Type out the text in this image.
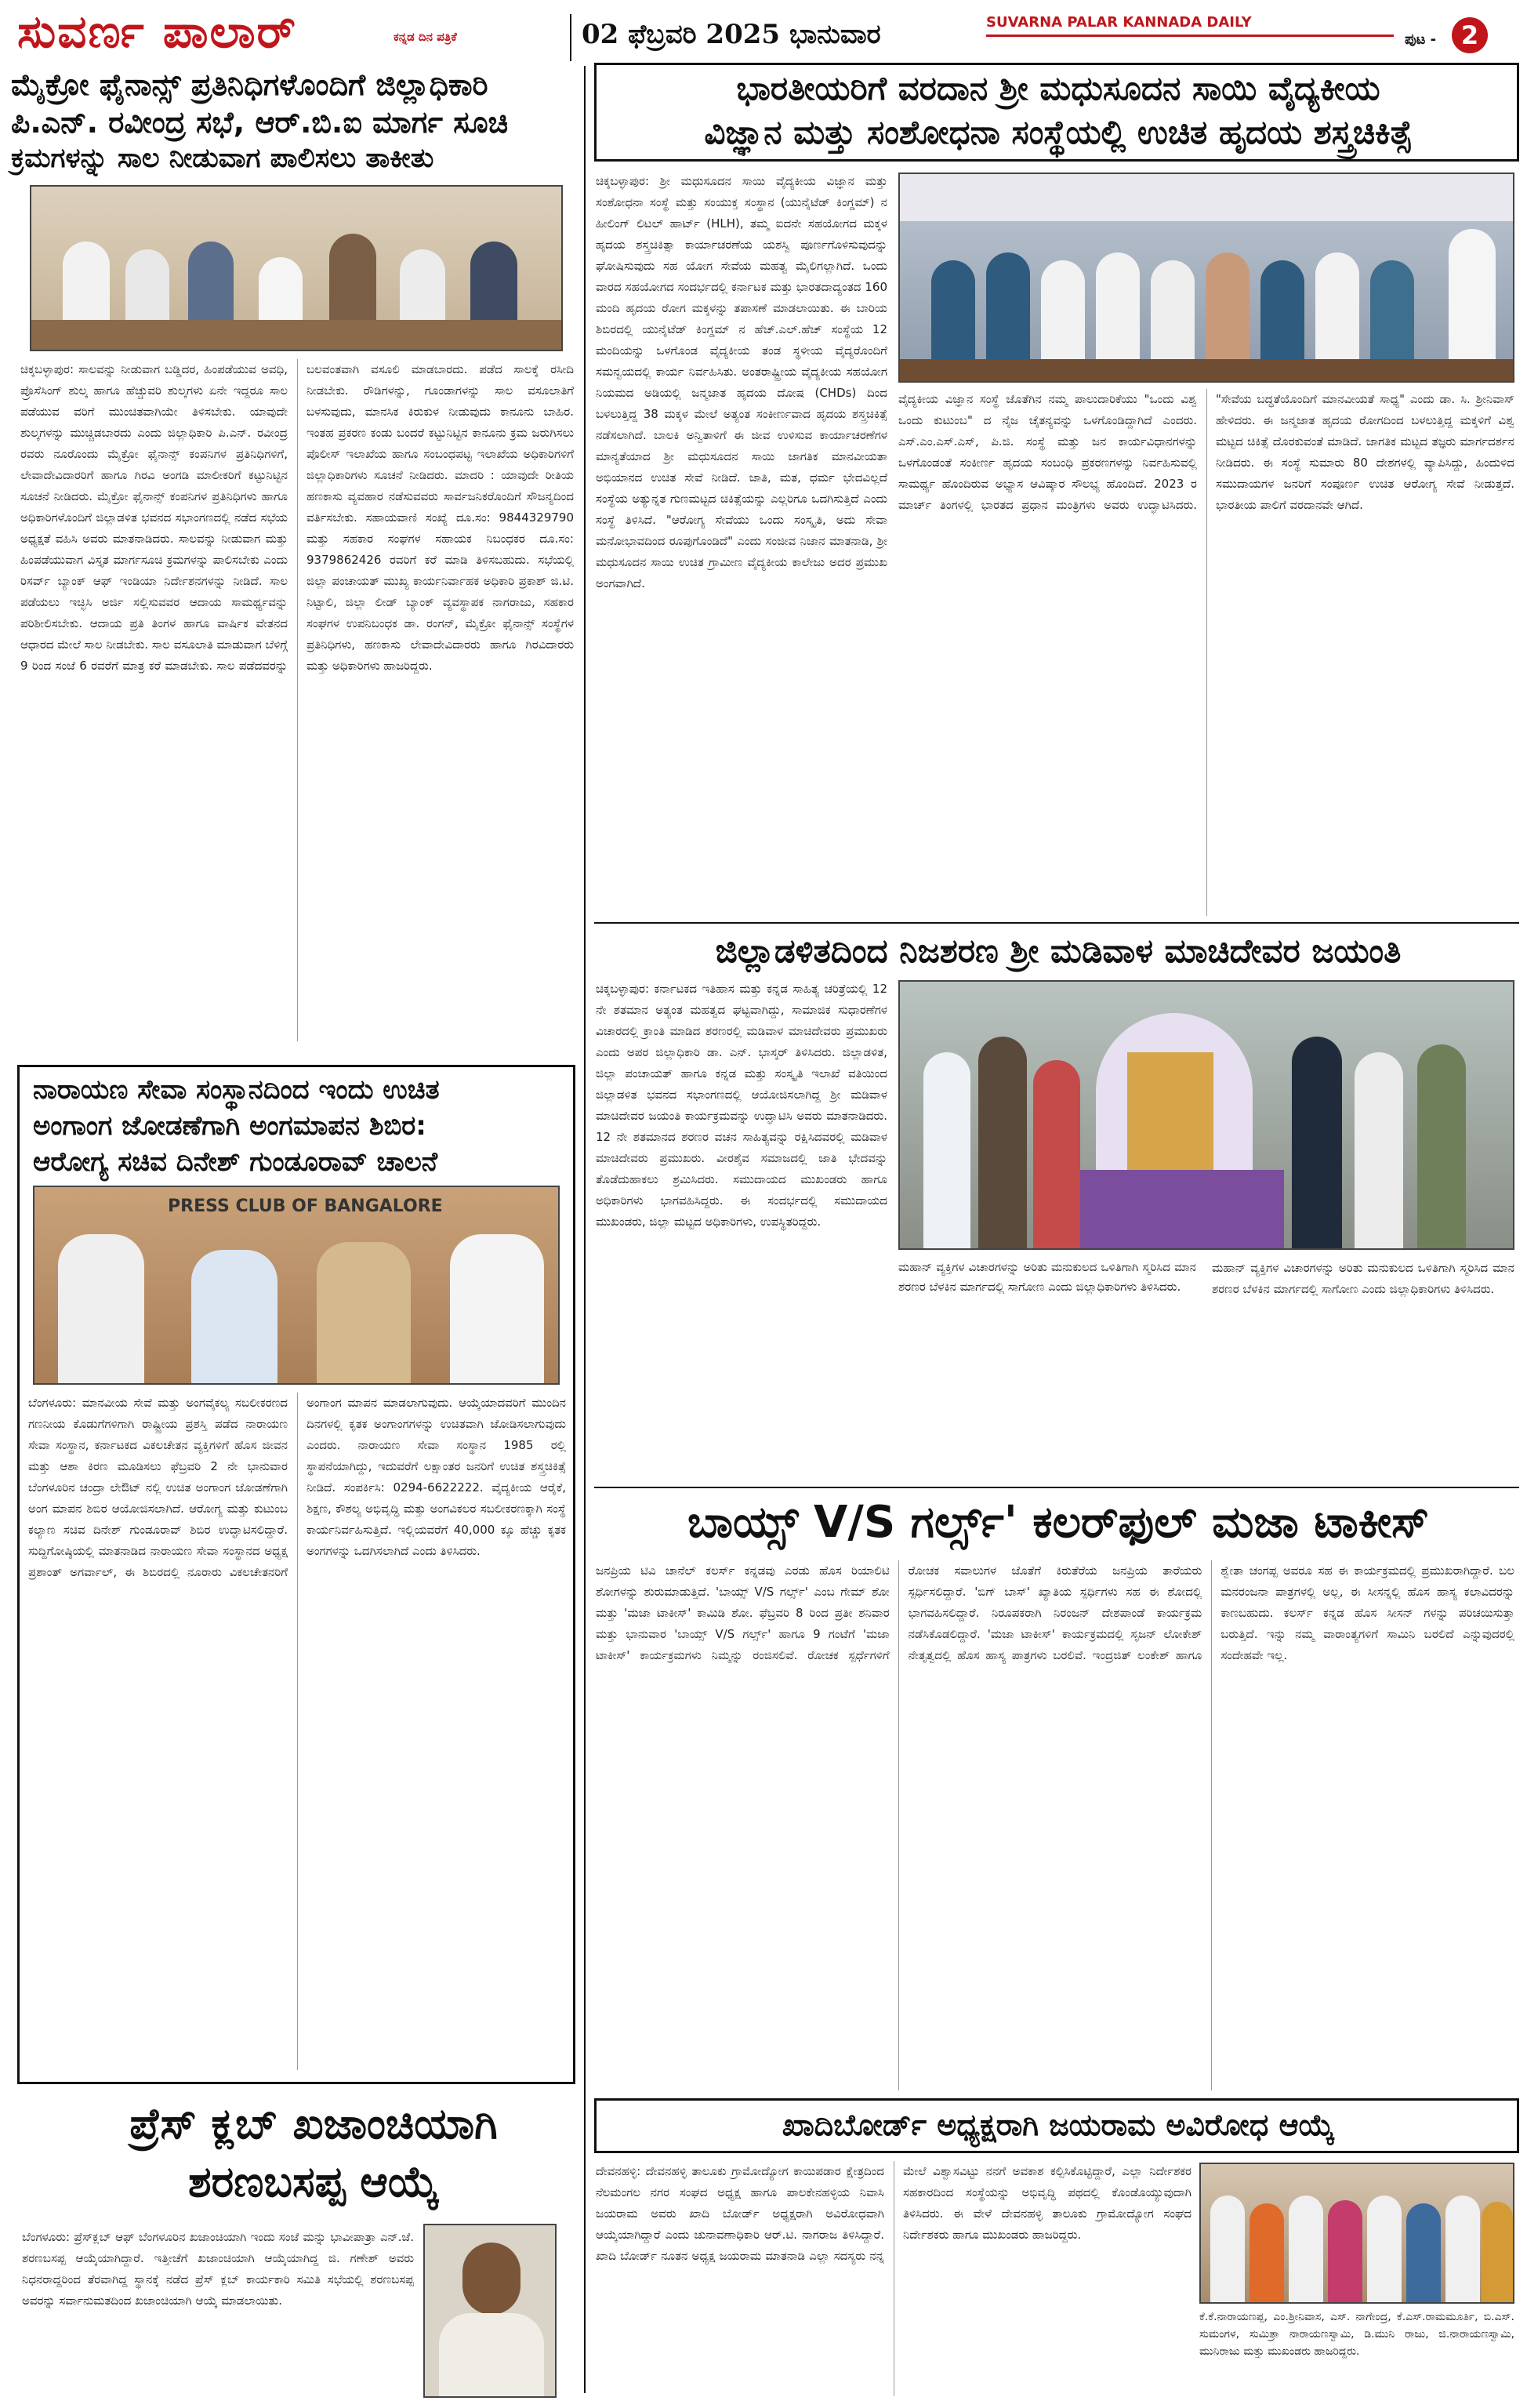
ಸುವರ್ಣ ಪಾಲಾರ್	ಕನ್ನಡ ದಿನ ಪತ್ರಿಕೆ	02 ಫೆಬ್ರವರಿ 2025 ಭಾನುವಾರ	SUVARNA PALAR KANNADA DAILY
ಪುಟ - 2
ಮೈಕ್ರೋ ಫೈನಾನ್ಸ್ ಪ್ರತಿನಿಧಿಗಳೊಂದಿಗೆ ಜಿಲ್ಲಾಧಿಕಾರಿ
ಪಿ.ಎನ್. ರವೀಂದ್ರ ಸಭೆ, ಆರ್.ಬಿ.ಐ ಮಾರ್ಗ ಸೂಚಿ
ಕ್ರಮಗಳನ್ನು ಸಾಲ ನೀಡುವಾಗ ಪಾಲಿಸಲು ತಾಕೀತು
ಚಿಕ್ಕಬಳ್ಳಾಪುರ: ಸಾಲವನ್ನು ನೀಡುವಾಗ ಬಡ್ಡಿದರ, ಹಿಂಪಡೆಯುವ ಅವಧಿ, ಪ್ರೊಸೆಸಿಂಗ್ ಶುಲ್ಕ ಹಾಗೂ ಹೆಚ್ಚುವರಿ ಶುಲ್ಕಗಳು ಏನೇ ಇದ್ದರೂ ಸಾಲ ಪಡೆಯುವ ವರಿಗೆ ಮುಂಚಿತವಾಗಿಯೇ ತಿಳಿಸಬೇಕು. ಯಾವುದೇ ಶುಲ್ಕಗಳನ್ನು ಮುಚ್ಚಿಡಬಾರದು ಎಂದು ಜಿಲ್ಲಾಧಿಕಾರಿ ಪಿ.ಎನ್. ರವೀಂದ್ರ ರವರು ನೂರೊಂದು ಮೈಕ್ರೋ ಫೈನಾನ್ಸ್ ಕಂಪನಿಗಳ ಪ್ರತಿನಿಧಿಗಳಿಗೆ, ಲೇವಾದೇವಿದಾರರಿಗೆ ಹಾಗೂ ಗಿರವಿ ಅಂಗಡಿ ಮಾಲೀಕರಿಗೆ ಕಟ್ಟುನಿಟ್ಟಿನ ಸೂಚನೆ ನೀಡಿದರು. ಮೈಕ್ರೋ ಫೈನಾನ್ಸ್ ಕಂಪನಿಗಳ ಪ್ರತಿನಿಧಿಗಳು ಹಾಗೂ ಅಧಿಕಾರಿಗಳೊಂದಿಗೆ ಜಿಲ್ಲಾಡಳಿತ ಭವನದ ಸಭಾಂಗಣದಲ್ಲಿ ನಡೆದ ಸಭೆಯ ಅಧ್ಯಕ್ಷತೆ ವಹಿಸಿ ಅವರು ಮಾತನಾಡಿದರು. ಸಾಲವನ್ನು ನೀಡುವಾಗ ಮತ್ತು ಹಿಂಪಡೆಯುವಾಗ ವಿಸ್ತೃತ ಮಾರ್ಗಸೂಚಿ ಕ್ರಮಗಳನ್ನು ಪಾಲಿಸಬೇಕು ಎಂದು ರಿಸರ್ವ್ ಬ್ಯಾಂಕ್ ಆಫ್ ಇಂಡಿಯಾ ನಿರ್ದೇಶನಗಳನ್ನು ನೀಡಿದೆ. ಸಾಲ ಪಡೆಯಲು ಇಚ್ಛಿಸಿ ಅರ್ಜಿ ಸಲ್ಲಿಸುವವರ ಆದಾಯ ಸಾಮರ್ಥ್ಯವನ್ನು ಪರಿಶೀಲಿಸಬೇಕು. ಆದಾಯ ಪ್ರತಿ ತಿಂಗಳ ಹಾಗೂ ವಾರ್ಷಿಕ ವೇತನದ ಆಧಾರದ ಮೇಲೆ ಸಾಲ ನೀಡಬೇಕು. ಸಾಲ ವಸೂಲಾತಿ ಮಾಡುವಾಗ ಬೆಳಿಗ್ಗೆ 9 ರಿಂದ ಸಂಜೆ 6 ರವರೆಗೆ ಮಾತ್ರ ಕರೆ ಮಾಡಬೇಕು. ಸಾಲ ಪಡೆದವರನ್ನು ಬಲವಂತವಾಗಿ ವಸೂಲಿ ಮಾಡಬಾರದು. ಪಡೆದ ಸಾಲಕ್ಕೆ ರಸೀದಿ ನೀಡಬೇಕು. ರೌಡಿಗಳನ್ನು, ಗೂಂಡಾಗಳನ್ನು ಸಾಲ ವಸೂಲಾತಿಗೆ ಬಳಸುವುದು, ಮಾನಸಿಕ ಕಿರುಕುಳ ನೀಡುವುದು ಕಾನೂನು ಬಾಹಿರ. ಇಂತಹ ಪ್ರಕರಣ ಕಂಡು ಬಂದರೆ ಕಟ್ಟುನಿಟ್ಟಿನ ಕಾನೂನು ಕ್ರಮ ಜರುಗಿಸಲು ಪೊಲೀಸ್ ಇಲಾಖೆಯ ಹಾಗೂ ಸಂಬಂಧಪಟ್ಟ ಇಲಾಖೆಯ ಅಧಿಕಾರಿಗಳಿಗೆ ಜಿಲ್ಲಾಧಿಕಾರಿಗಳು ಸೂಚನೆ ನೀಡಿದರು. ಮಾದರಿ : ಯಾವುದೇ ರೀತಿಯ ಹಣಕಾಸು ವ್ಯವಹಾರ ನಡೆಸುವವರು ಸಾರ್ವಜನಿಕರೊಂದಿಗೆ ಸೌಜನ್ಯದಿಂದ ವರ್ತಿಸಬೇಕು. ಸಹಾಯವಾಣಿ ಸಂಖ್ಯೆ ದೂ.ಸಂ: 9844329790 ಮತ್ತು ಸಹಕಾರ ಸಂಘಗಳ ಸಹಾಯಕ ನಿಬಂಧಕರ ದೂ.ಸಂ: 9379862426 ರವರಿಗೆ ಕರೆ ಮಾಡಿ ತಿಳಿಸಬಹುದು. ಸಭೆಯಲ್ಲಿ ಜಿಲ್ಲಾ ಪಂಚಾಯತ್ ಮುಖ್ಯ ಕಾರ್ಯನಿರ್ವಾಹಕ ಅಧಿಕಾರಿ ಪ್ರಕಾಶ್ ಜಿ.ಟಿ. ನಿಟ್ಟಾಲಿ, ಜಿಲ್ಲಾ ಲೀಡ್ ಬ್ಯಾಂಕ್ ವ್ಯವಸ್ಥಾಪಕ ನಾಗರಾಜು, ಸಹಕಾರ ಸಂಘಗಳ ಉಪನಿಬಂಧಕ ಡಾ. ರಂಗನ್, ಮೈಕ್ರೋ ಫೈನಾನ್ಸ್ ಸಂಸ್ಥೆಗಳ ಪ್ರತಿನಿಧಿಗಳು, ಹಣಕಾಸು ಲೇವಾದೇವಿದಾರರು ಹಾಗೂ ಗಿರವಿದಾರರು ಮತ್ತು ಅಧಿಕಾರಿಗಳು ಹಾಜರಿದ್ದರು.
ನಾರಾಯಣ ಸೇವಾ ಸಂಸ್ಥಾನದಿಂದ ಇಂದು ಉಚಿತ
ಅಂಗಾಂಗ ಜೋಡಣೆಗಾಗಿ ಅಂಗಮಾಪನ ಶಿಬಿರ:
ಆರೋಗ್ಯ ಸಚಿವ ದಿನೇಶ್ ಗುಂಡೂರಾವ್ ಚಾಲನೆ
PRESS CLUB OF BANGALORE
ಬೆಂಗಳೂರು: ಮಾನವೀಯ ಸೇವೆ ಮತ್ತು ಅಂಗವೈಕಲ್ಯ ಸಬಲೀಕರಣದ ಗಣನೀಯ ಕೊಡುಗೆಗಳಿಗಾಗಿ ರಾಷ್ಟ್ರೀಯ ಪ್ರಶಸ್ತಿ ಪಡೆದ ನಾರಾಯಣ ಸೇವಾ ಸಂಸ್ಥಾನ, ಕರ್ನಾಟಕದ ವಿಕಲಚೇತನ ವ್ಯಕ್ತಿಗಳಿಗೆ ಹೊಸ ಜೀವನ ಮತ್ತು ಆಶಾ ಕಿರಣ ಮೂಡಿಸಲು ಫೆಬ್ರವರಿ 2 ನೇ ಭಾನುವಾರ ಬೆಂಗಳೂರಿನ ಚಂದ್ರಾ ಲೇಔಟ್ ನಲ್ಲಿ ಉಚಿತ ಅಂಗಾಂಗ ಜೋಡಣೆಗಾಗಿ ಅಂಗ ಮಾಪನ ಶಿಬಿರ ಆಯೋಜಿಸಲಾಗಿದೆ. ಆರೋಗ್ಯ ಮತ್ತು ಕುಟುಂಬ ಕಲ್ಯಾಣ ಸಚಿವ ದಿನೇಶ್ ಗುಂಡೂರಾವ್ ಶಿಬಿರ ಉದ್ಘಾಟಿಸಲಿದ್ದಾರೆ. ಸುದ್ದಿಗೋಷ್ಠಿಯಲ್ಲಿ ಮಾತನಾಡಿದ ನಾರಾಯಣ ಸೇವಾ ಸಂಸ್ಥಾನದ ಅಧ್ಯಕ್ಷ ಪ್ರಶಾಂತ್ ಅಗರ್ವಾಲ್, ಈ ಶಿಬಿರದಲ್ಲಿ ನೂರಾರು ವಿಕಲಚೇತನರಿಗೆ ಅಂಗಾಂಗ ಮಾಪನ ಮಾಡಲಾಗುವುದು. ಆಯ್ಕೆಯಾದವರಿಗೆ ಮುಂದಿನ ದಿನಗಳಲ್ಲಿ ಕೃತಕ ಅಂಗಾಂಗಗಳನ್ನು ಉಚಿತವಾಗಿ ಜೋಡಿಸಲಾಗುವುದು ಎಂದರು. ನಾರಾಯಣ ಸೇವಾ ಸಂಸ್ಥಾನ 1985 ರಲ್ಲಿ ಸ್ಥಾಪನೆಯಾಗಿದ್ದು, ಇದುವರೆಗೆ ಲಕ್ಷಾಂತರ ಜನರಿಗೆ ಉಚಿತ ಶಸ್ತ್ರಚಿಕಿತ್ಸೆ ನೀಡಿದೆ. ಸಂಪರ್ಕಿಸಿ: 0294-6622222. ವೈದ್ಯಕೀಯ ಆರೈಕೆ, ಶಿಕ್ಷಣ, ಕೌಶಲ್ಯ ಅಭಿವೃದ್ಧಿ ಮತ್ತು ಅಂಗವಿಕಲರ ಸಬಲೀಕರಣಕ್ಕಾಗಿ ಸಂಸ್ಥೆ ಕಾರ್ಯನಿರ್ವಹಿಸುತ್ತಿದೆ. ಇಲ್ಲಿಯವರೆಗೆ 40,000 ಕ್ಕೂ ಹೆಚ್ಚು ಕೃತಕ ಅಂಗಗಳನ್ನು ಒದಗಿಸಲಾಗಿದೆ ಎಂದು ತಿಳಿಸಿದರು.
ಪ್ರೆಸ್ ಕ್ಲಬ್ ಖಜಾಂಚಿಯಾಗಿ
ಶರಣಬಸಪ್ಪ ಆಯ್ಕೆ
ಬೆಂಗಳೂರು: ಪ್ರೆಸ್‌ಕ್ಲಬ್ ಆಫ್ ಬೆಂಗಳೂರಿನ ಖಜಾಂಚಿಯಾಗಿ ಇಂದು ಸಂಜೆ ಮನ್ನು ಭಾವೀಪಾತ್ರಾ ಎನ್.ಜೆ. ಶರಣಬಸಪ್ಪ ಆಯ್ಕೆಯಾಗಿದ್ದಾರೆ. ಇತ್ತೀಚೆಗೆ ಖಜಾಂಚಿಯಾಗಿ ಆಯ್ಕೆಯಾಗಿದ್ದ ಜಿ. ಗಣೇಶ್ ಅವರು ನಿಧನರಾದ್ದರಿಂದ ತೆರವಾಗಿದ್ದ ಸ್ಥಾನಕ್ಕೆ ನಡೆದ ಪ್ರೆಸ್ ಕ್ಲಬ್ ಕಾರ್ಯಕಾರಿ ಸಮಿತಿ ಸಭೆಯಲ್ಲಿ ಶರಣಬಸಪ್ಪ ಅವರನ್ನು ಸರ್ವಾನುಮತದಿಂದ ಖಜಾಂಚಿಯಾಗಿ ಆಯ್ಕೆ ಮಾಡಲಾಯಿತು.
ಭಾರತೀಯರಿಗೆ ವರದಾನ ಶ್ರೀ ಮಧುಸೂದನ ಸಾಯಿ ವೈದ್ಯಕೀಯ
ವಿಜ್ಞಾನ ಮತ್ತು ಸಂಶೋಧನಾ ಸಂಸ್ಥೆಯಲ್ಲಿ ಉಚಿತ ಹೃದಯ ಶಸ್ತ್ರಚಿಕಿತ್ಸೆ
ಚಿಕ್ಕಬಳ್ಳಾಪುರ: ಶ್ರೀ ಮಧುಸೂದನ ಸಾಯಿ ವೈದ್ಯಕೀಯ ವಿಜ್ಞಾನ ಮತ್ತು ಸಂಶೋಧನಾ ಸಂಸ್ಥೆ ಮತ್ತು ಸಂಯುಕ್ತ ಸಂಸ್ಥಾನ (ಯುನೈಟೆಡ್ ಕಿಂಗ್ಡಮ್) ನ ಹೀಲಿಂಗ್ ಲಿಟಲ್ ಹಾರ್ಟ್ (HLH), ತಮ್ಮ ಐದನೇ ಸಹಯೋಗದ ಮಕ್ಕಳ ಹೃದಯ ಶಸ್ತ್ರಚಿಕಿತ್ಸಾ ಕಾರ್ಯಾಚರಣೆಯ ಯಶಸ್ವಿ ಪೂರ್ಣಗೊಳಿಸುವುದನ್ನು ಘೋಷಿಸುವುದು ಸಹ ಯೋಗ ಸೇವೆಯ ಮಹತ್ವ ಮೈಲಿಗಲ್ಲಾಗಿದೆ. ಒಂದು ವಾರದ ಸಹಯೋಗದ ಸಂದರ್ಭದಲ್ಲಿ ಕರ್ನಾಟಕ ಮತ್ತು ಭಾರತದಾದ್ಯಂತದ 160 ಮಂದಿ ಹೃದಯ ರೋಗ ಮಕ್ಕಳನ್ನು ತಪಾಸಣೆ ಮಾಡಲಾಯಿತು. ಈ ಬಾರಿಯ ಶಿಬಿರದಲ್ಲಿ ಯುನೈಟೆಡ್ ಕಿಂಗ್ಡಮ್ ನ ಹೆಚ್.ಎಲ್.ಹೆಚ್ ಸಂಸ್ಥೆಯ 12 ಮಂದಿಯನ್ನು ಒಳಗೊಂಡ ವೈದ್ಯಕೀಯ ತಂಡ ಸ್ಥಳೀಯ ವೈದ್ಯರೊಂದಿಗೆ ಸಮನ್ವಯದಲ್ಲಿ ಕಾರ್ಯ ನಿರ್ವಹಿಸಿತು. ಅಂತರಾಷ್ಟ್ರೀಯ ವೈದ್ಯಕೀಯ ಸಹಯೋಗ ನಿಯಮದ ಅಡಿಯಲ್ಲಿ ಜನ್ಮಜಾತ ಹೃದಯ ದೋಷ (CHDs) ದಿಂದ ಬಳಲುತ್ತಿದ್ದ 38 ಮಕ್ಕಳ ಮೇಲೆ ಅತ್ಯಂತ ಸಂಕೀರ್ಣವಾದ ಹೃದಯ ಶಸ್ತ್ರಚಿಕಿತ್ಸೆ ನಡೆಸಲಾಗಿದೆ. ಬಾಲಕಿ ಅನ್ವಿತಾಳಿಗೆ ಈ ಜೀವ ಉಳಿಸುವ ಕಾರ್ಯಾಚರಣೆಗಳ ಮಾನ್ಯತೆಯಾದ ಶ್ರೀ ಮಧುಸೂದನ ಸಾಯಿ ಜಾಗತಿಕ ಮಾನವೀಯತಾ ಅಭಿಯಾನದ ಉಚಿತ ಸೇವೆ ನೀಡಿದೆ. ಜಾತಿ, ಮತ, ಧರ್ಮ ಭೇದವಿಲ್ಲದೆ ಸಂಸ್ಥೆಯ ಅತ್ಯುನ್ನತ ಗುಣಮಟ್ಟದ ಚಿಕಿತ್ಸೆಯನ್ನು ಎಲ್ಲರಿಗೂ ಒದಗಿಸುತ್ತಿದೆ ಎಂದು ಸಂಸ್ಥೆ ತಿಳಿಸಿದೆ. "ಆರೋಗ್ಯ ಸೇವೆಯು ಒಂದು ಸಂಸ್ಕೃತಿ, ಅದು ಸೇವಾ ಮನೋಭಾವದಿಂದ ರೂಪುಗೊಂಡಿದೆ" ಎಂದು ಸಂಜೀವ ನಿಜಾನ ಮಾತನಾಡಿ, ಶ್ರೀ ಮಧುಸೂದನ ಸಾಯಿ ಉಚಿತ ಗ್ರಾಮೀಣ ವೈದ್ಯಕೀಯ ಕಾಲೇಜು ಅದರ ಪ್ರಮುಖ ಅಂಗವಾಗಿದೆ.
ವೈದ್ಯಕೀಯ ವಿಜ್ಞಾನ ಸಂಸ್ಥೆ ಜೊತೆಗಿನ ನಮ್ಮ ಪಾಲುದಾರಿಕೆಯು "ಒಂದು ವಿಶ್ವ ಒಂದು ಕುಟುಂಬ" ದ ನೈಜ ಚೈತನ್ಯವನ್ನು ಒಳಗೊಂಡಿದ್ದಾಗಿದೆ ಎಂದರು. ಎಸ್.ಎಂ.ಎಸ್.ಎಸ್, ಪಿ.ಜಿ. ಸಂಸ್ಥೆ ಮತ್ತು ಜನ ಕಾರ್ಯವಿಧಾನಗಳನ್ನು ಒಳಗೊಂಡಂತೆ ಸಂಕೀರ್ಣ ಹೃದಯ ಸಂಬಂಧಿ ಪ್ರಕರಣಗಳನ್ನು ನಿರ್ವಹಿಸುವಲ್ಲಿ ಸಾಮರ್ಥ್ಯ ಹೊಂದಿರುವ ಅಭ್ಯಾಸ ಆವಿಷ್ಕಾರ ಸೌಲಭ್ಯ ಹೊಂದಿದೆ. 2023 ರ ಮಾರ್ಚ್ ತಿಂಗಳಲ್ಲಿ ಭಾರತದ ಪ್ರಧಾನ ಮಂತ್ರಿಗಳು ಅವರು ಉದ್ಘಾಟಿಸಿದರು. "ಸೇವೆಯ ಬದ್ಧತೆಯೊಂದಿಗೆ ಮಾನವೀಯತೆ ಸಾಧ್ಯ" ಎಂದು ಡಾ. ಸಿ. ಶ್ರೀನಿವಾಸ್ ಹೇಳಿದರು. ಈ ಜನ್ಮಜಾತ ಹೃದಯ ರೋಗದಿಂದ ಬಳಲುತ್ತಿದ್ದ ಮಕ್ಕಳಿಗೆ ವಿಶ್ವ ಮಟ್ಟದ ಚಿಕಿತ್ಸೆ ದೊರಕುವಂತೆ ಮಾಡಿದೆ. ಜಾಗತಿಕ ಮಟ್ಟದ ತಜ್ಞರು ಮಾರ್ಗದರ್ಶನ ನೀಡಿದರು. ಈ ಸಂಸ್ಥೆ ಸುಮಾರು 80 ದೇಶಗಳಲ್ಲಿ ವ್ಯಾಪಿಸಿದ್ದು, ಹಿಂದುಳಿದ ಸಮುದಾಯಗಳ ಜನರಿಗೆ ಸಂಪೂರ್ಣ ಉಚಿತ ಆರೋಗ್ಯ ಸೇವೆ ನೀಡುತ್ತದೆ. ಭಾರತೀಯ ಪಾಲಿಗೆ ವರದಾನವೇ ಆಗಿದೆ.
ಜಿಲ್ಲಾಡಳಿತದಿಂದ ನಿಜಶರಣ ಶ್ರೀ ಮಡಿವಾಳ ಮಾಚಿದೇವರ ಜಯಂತಿ
ಚಿಕ್ಕಬಳ್ಳಾಪುರ: ಕರ್ನಾಟಕದ ಇತಿಹಾಸ ಮತ್ತು ಕನ್ನಡ ಸಾಹಿತ್ಯ ಚರಿತ್ರೆಯಲ್ಲಿ 12 ನೇ ಶತಮಾನ ಅತ್ಯಂತ ಮಹತ್ವದ ಘಟ್ಟವಾಗಿದ್ದು, ಸಾಮಾಜಿಕ ಸುಧಾರಣೆಗಳ ವಿಚಾರದಲ್ಲಿ ಕ್ರಾಂತಿ ಮಾಡಿದ ಶರಣರಲ್ಲಿ ಮಡಿವಾಳ ಮಾಚಿದೇವರು ಪ್ರಮುಖರು ಎಂದು ಅಪರ ಜಿಲ್ಲಾಧಿಕಾರಿ ಡಾ. ಎನ್. ಭಾಸ್ಕರ್ ತಿಳಿಸಿದರು. ಜಿಲ್ಲಾಡಳಿತ, ಜಿಲ್ಲಾ ಪಂಚಾಯತ್ ಹಾಗೂ ಕನ್ನಡ ಮತ್ತು ಸಂಸ್ಕೃತಿ ಇಲಾಖೆ ವತಿಯಿಂದ ಜಿಲ್ಲಾಡಳಿತ ಭವನದ ಸಭಾಂಗಣದಲ್ಲಿ ಆಯೋಜಿಸಲಾಗಿದ್ದ ಶ್ರೀ ಮಡಿವಾಳ ಮಾಚಿದೇವರ ಜಯಂತಿ ಕಾರ್ಯಕ್ರಮವನ್ನು ಉದ್ಘಾಟಿಸಿ ಅವರು ಮಾತನಾಡಿದರು. 12 ನೇ ಶತಮಾನದ ಶರಣರ ವಚನ ಸಾಹಿತ್ಯವನ್ನು ರಕ್ಷಿಸಿದವರಲ್ಲಿ ಮಡಿವಾಳ ಮಾಚಿದೇವರು ಪ್ರಮುಖರು. ವೀರಶೈವ ಸಮಾಜದಲ್ಲಿ ಜಾತಿ ಭೇದವನ್ನು ತೊಡೆದುಹಾಕಲು ಶ್ರಮಿಸಿದರು. ಸಮುದಾಯದ ಮುಖಂಡರು ಹಾಗೂ ಅಧಿಕಾರಿಗಳು ಭಾಗವಹಿಸಿದ್ದರು. ಈ ಸಂದರ್ಭದಲ್ಲಿ ಸಮುದಾಯದ ಮುಖಂಡರು, ಜಿಲ್ಲಾ ಮಟ್ಟದ ಅಧಿಕಾರಿಗಳು, ಉಪಸ್ಥಿತರಿದ್ದರು.
ಮಹಾನ್ ವ್ಯಕ್ತಿಗಳ ವಿಚಾರಗಳನ್ನು ಅರಿತು ಮನುಕುಲದ ಒಳಿತಿಗಾಗಿ ಸ್ಮರಿಸಿದ ಮಾನ ಶರಣರ ಬೆಳಕಿನ ಮಾರ್ಗದಲ್ಲಿ ಸಾಗೋಣ ಎಂದು ಜಿಲ್ಲಾಧಿಕಾರಿಗಳು ತಿಳಿಸಿದರು.
ಮಹಾನ್ ವ್ಯಕ್ತಿಗಳ ವಿಚಾರಗಳನ್ನು ಅರಿತು ಮನುಕುಲದ ಒಳಿತಿಗಾಗಿ ಸ್ಮರಿಸಿದ ಮಾನ ಶರಣರ ಬೆಳಕಿನ ಮಾರ್ಗದಲ್ಲಿ ಸಾಗೋಣ ಎಂದು ಜಿಲ್ಲಾಧಿಕಾರಿಗಳು ತಿಳಿಸಿದರು.
ಬಾಯ್ಸ್ V/S ಗರ್ಲ್ಸ್' ಕಲರ್‌ಫುಲ್ ಮಜಾ ಟಾಕೀಸ್
ಜನಪ್ರಿಯ ಟಿವಿ ಚಾನೆಲ್ ಕಲರ್ಸ್ ಕನ್ನಡವು ಎರಡು ಹೊಸ ರಿಯಾಲಿಟಿ ಶೋಗಳನ್ನು ಶುರುಮಾಡುತ್ತಿದೆ. 'ಬಾಯ್ಸ್ V/S ಗರ್ಲ್ಸ್' ಎಂಬ ಗೇಮ್ ಶೋ ಮತ್ತು 'ಮಜಾ ಟಾಕೀಸ್' ಕಾಮಿಡಿ ಶೋ. ಫೆಬ್ರವರಿ 8 ರಿಂದ ಪ್ರತೀ ಶನಿವಾರ ಮತ್ತು ಭಾನುವಾರ 'ಬಾಯ್ಸ್ V/S ಗರ್ಲ್ಸ್' ಹಾಗೂ 9 ಗಂಟೆಗೆ 'ಮಜಾ ಟಾಕೀಸ್' ಕಾರ್ಯಕ್ರಮಗಳು ನಿಮ್ಮನ್ನು ರಂಜಿಸಲಿವೆ. ರೋಚಕ ಸ್ಪರ್ಧೆಗಳಿಗೆ ರೋಚಕ ಸವಾಲುಗಳ ಜೊತೆಗೆ ಕಿರುತೆರೆಯ ಜನಪ್ರಿಯ ತಾರೆಯರು ಸ್ಪರ್ಧಿಸಲಿದ್ದಾರೆ. 'ಬಿಗ್ ಬಾಸ್' ಖ್ಯಾತಿಯ ಸ್ಪರ್ಧಿಗಳು ಸಹ ಈ ಶೋದಲ್ಲಿ ಭಾಗವಹಿಸಲಿದ್ದಾರೆ. ನಿರೂಪಕರಾಗಿ ನಿರಂಜನ್ ದೇಶಪಾಂಡೆ ಕಾರ್ಯಕ್ರಮ ನಡೆಸಿಕೊಡಲಿದ್ದಾರೆ. 'ಮಜಾ ಟಾಕೀಸ್' ಕಾರ್ಯಕ್ರಮದಲ್ಲಿ ಸೃಜನ್ ಲೋಕೇಶ್ ನೇತೃತ್ವದಲ್ಲಿ ಹೊಸ ಹಾಸ್ಯ ಪಾತ್ರಗಳು ಬರಲಿವೆ. ಇಂದ್ರಜಿತ್ ಲಂಕೇಶ್ ಹಾಗೂ ಶ್ವೇತಾ ಚಂಗಪ್ಪ ಅವರೂ ಸಹ ಈ ಕಾರ್ಯಕ್ರಮದಲ್ಲಿ ಪ್ರಮುಖರಾಗಿದ್ದಾರೆ. ಬಲ ಮನರಂಜನಾ ಪಾತ್ರಗಳಲ್ಲಿ ಅಲ್ಲ, ಈ ಸೀಸನ್ನಲ್ಲಿ ಹೊಸ ಹಾಸ್ಯ ಕಲಾವಿದರನ್ನು ಕಾಣಬಹುದು. ಕಲರ್ಸ್ ಕನ್ನಡ ಹೊಸ ಸೀಸನ್ ಗಳನ್ನು ಪರಿಚಯಿಸುತ್ತಾ ಬರುತ್ತಿದೆ. ಇನ್ನು ನಮ್ಮ ವಾರಾಂತ್ಯಗಳಿಗೆ ಸಾಮಿನಿ ಬರಲಿದೆ ಎನ್ನುವುದರಲ್ಲಿ ಸಂದೇಹವೇ ಇಲ್ಲ.
ಖಾದಿಬೋರ್ಡ್ ಅಧ್ಯಕ್ಷರಾಗಿ ಜಯರಾಮ ಅವಿರೋಧ ಆಯ್ಕೆ
ದೇವನಹಳ್ಳಿ: ದೇವನಹಳ್ಳಿ ತಾಲೂಕು ಗ್ರಾಮೋದ್ಯೋಗ ಕಾಯಿಪಡಾರ ಕ್ಷೇತ್ರದಿಂದ ನೆಲಮಂಗಲ ನಗರ ಸಂಘದ ಅಧ್ಯಕ್ಷ ಹಾಗೂ ಪಾಲಕೇನಹಳ್ಳಿಯ ನಿವಾಸಿ ಜಯರಾಮ ಅವರು ಖಾದಿ ಬೋರ್ಡ್ ಅಧ್ಯಕ್ಷರಾಗಿ ಅವಿರೋಧವಾಗಿ ಆಯ್ಕೆಯಾಗಿದ್ದಾರೆ ಎಂದು ಚುನಾವಣಾಧಿಕಾರಿ ಆರ್.ಟಿ. ನಾಗರಾಜ ತಿಳಿಸಿದ್ದಾರೆ. ಖಾದಿ ಬೋರ್ಡ್ ನೂತನ ಅಧ್ಯಕ್ಷ ಜಯರಾಮ ಮಾತನಾಡಿ ಎಲ್ಲಾ ಸದಸ್ಯರು ನನ್ನ ಮೇಲೆ ವಿಶ್ವಾಸವಿಟ್ಟು ನನಗೆ ಅವಕಾಶ ಕಲ್ಪಿಸಿಕೊಟ್ಟಿದ್ದಾರೆ, ಎಲ್ಲಾ ನಿರ್ದೇಶಕರ ಸಹಕಾರದಿಂದ ಸಂಸ್ಥೆಯನ್ನು ಅಭಿವೃದ್ಧಿ ಪಥದಲ್ಲಿ ಕೊಂಡೊಯ್ಯುವುದಾಗಿ ತಿಳಿಸಿದರು. ಈ ವೇಳೆ ದೇವನಹಳ್ಳಿ ತಾಲೂಕು ಗ್ರಾಮೋದ್ಯೋಗ ಸಂಘದ ನಿರ್ದೇಶಕರು ಹಾಗೂ ಮುಖಂಡರು ಹಾಜರಿದ್ದರು.
ಕೆ.ಕೆ.ನಾರಾಯಣಪ್ಪ, ಎಂ.ಶ್ರೀನಿವಾಸ, ಎಸ್. ನಾಗೇಂದ್ರ, ಕೆ.ಎಸ್.ರಾಮಮೂರ್ತಿ, ಬಿ.ಎಸ್. ಸುಮಂಗಳ, ಸುಮಿತ್ರಾ ನಾರಾಯಣಸ್ವಾಮಿ, ಡಿ.ಮುನಿ ರಾಜು, ಜಿ.ನಾರಾಯಣಸ್ವಾಮಿ, ಮುನಿರಾಜು ಮತ್ತು ಮುಖಂಡರು ಹಾಜರಿದ್ದರು.
